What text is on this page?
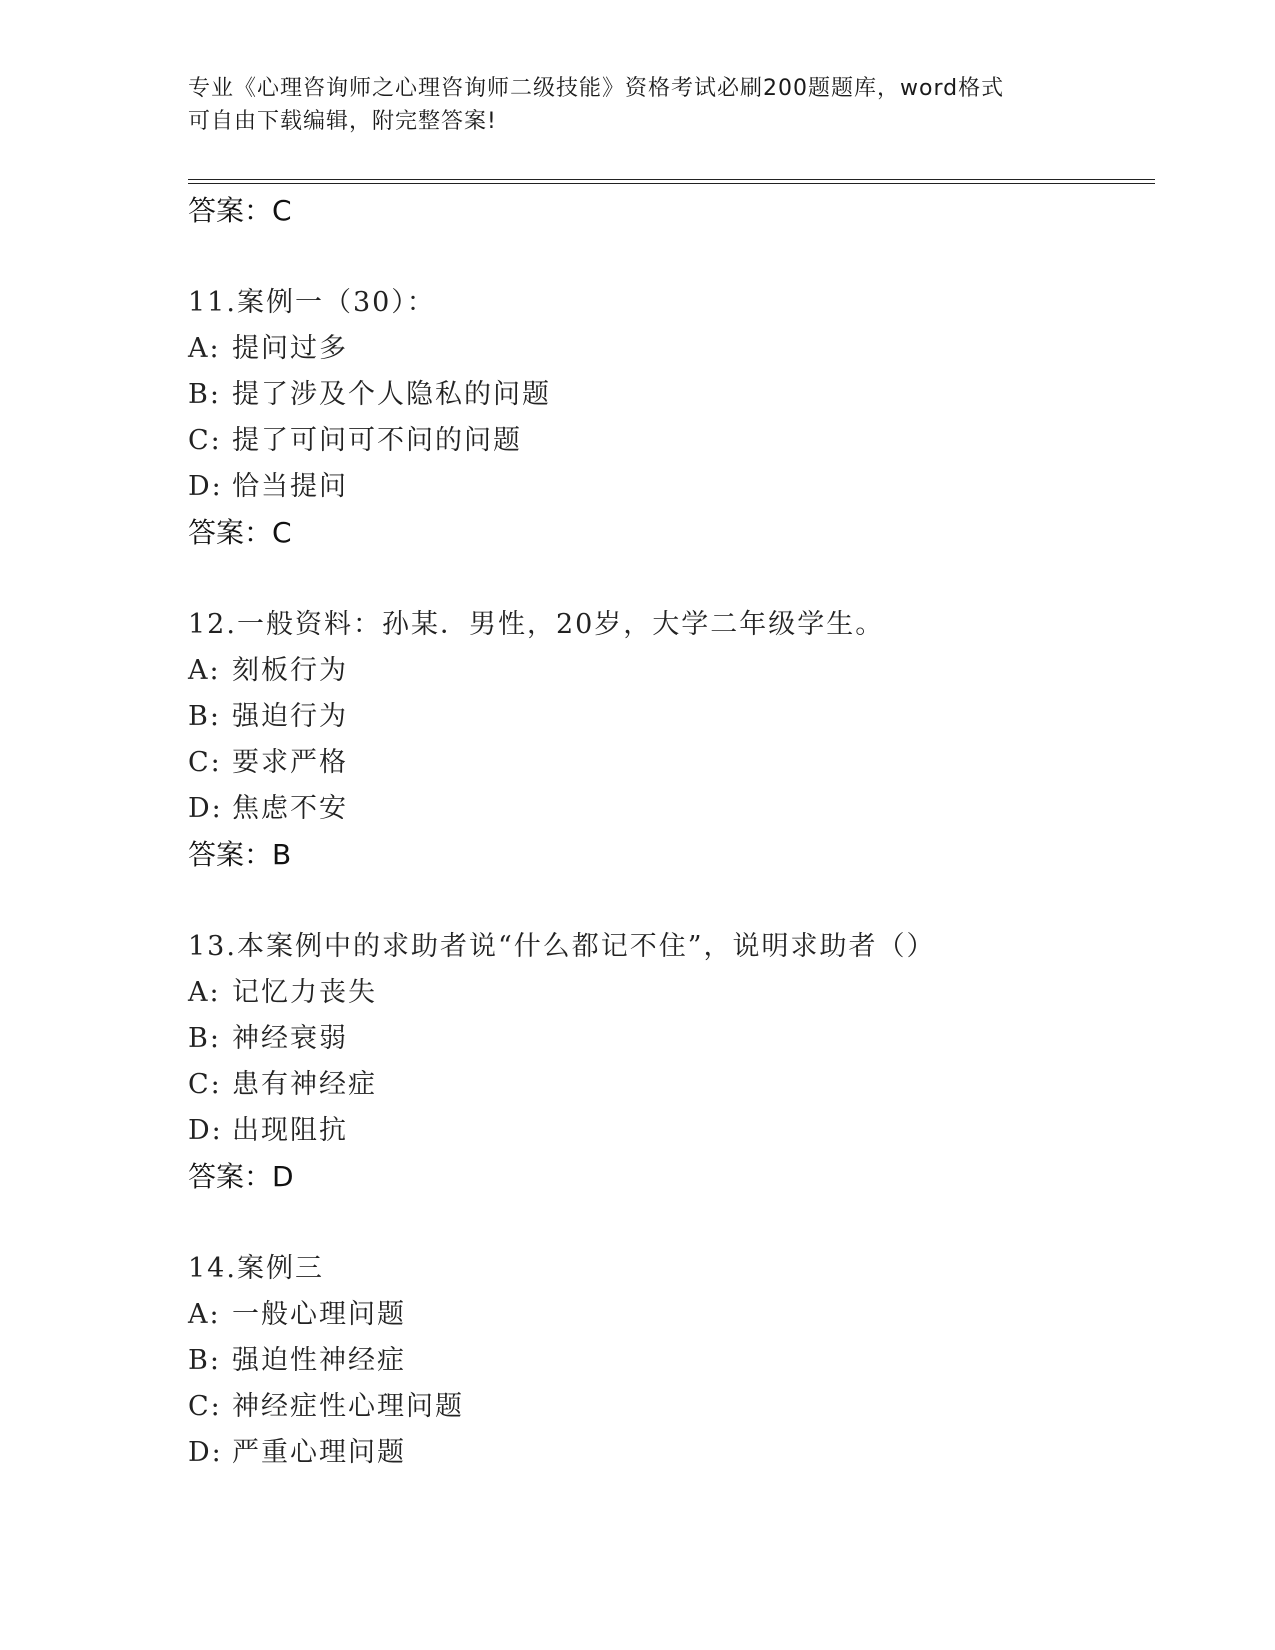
专业《心理咨询师之心理咨询师二级技能》资格考试必刷200题题库，word格式
可自由下载编辑，附完整答案!
答案：C
11.案例一（30）：
A: 提问过多
B: 提了涉及个人隐私的问题
C: 提了可问可不问的问题
D: 恰当提问
答案：C
12.一般资料：孙某．男性，20岁，大学二年级学生。
A: 刻板行为
B: 强迫行为
C: 要求严格
D: 焦虑不安
答案：B
13.本案例中的求助者说“什么都记不住”，说明求助者（）
A: 记忆力丧失
B: 神经衰弱
C: 患有神经症
D: 出现阻抗
答案：D
14.案例三
A: 一般心理问题
B: 强迫性神经症
C: 神经症性心理问题
D: 严重心理问题
